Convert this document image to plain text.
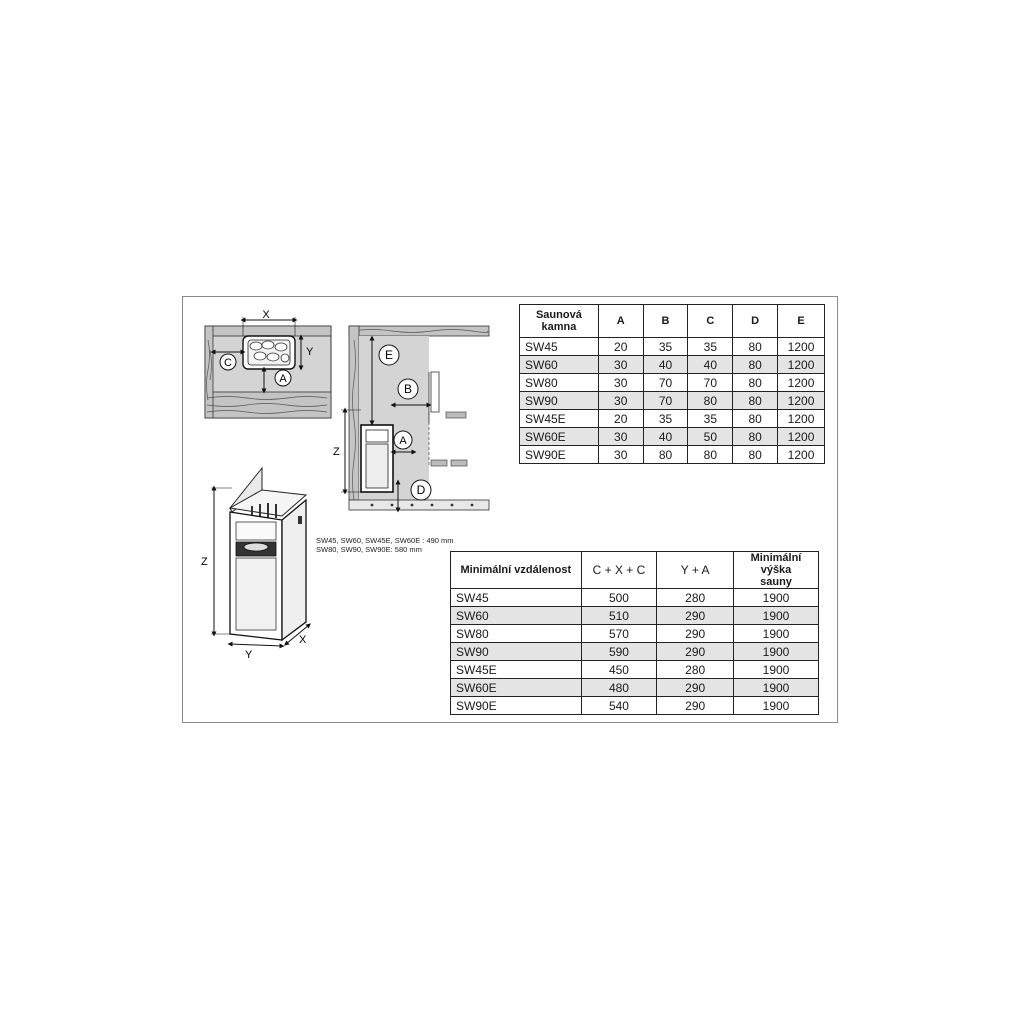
X
Y
C
A
E
B
A
D
Z
Z
Y
X
SW45, SW60, SW45E, SW60E : 490 mm
SW80, SW90, SW90E: 580 mm
Saunová kamna	A	B	C	D	E
SW45	20	35	35	80	1200
SW60	30	40	40	80	1200
SW80	30	70	70	80	1200
SW90	30	70	80	80	1200
SW45E	20	35	35	80	1200
SW60E	30	40	50	80	1200
SW90E	30	80	80	80	1200
Minimální vzdálenost	C + X + C	Y + A	Minimální výška sauny
SW45	500	280	1900
SW60	510	290	1900
SW80	570	290	1900
SW90	590	290	1900
SW45E	450	280	1900
SW60E	480	290	1900
SW90E	540	290	1900
